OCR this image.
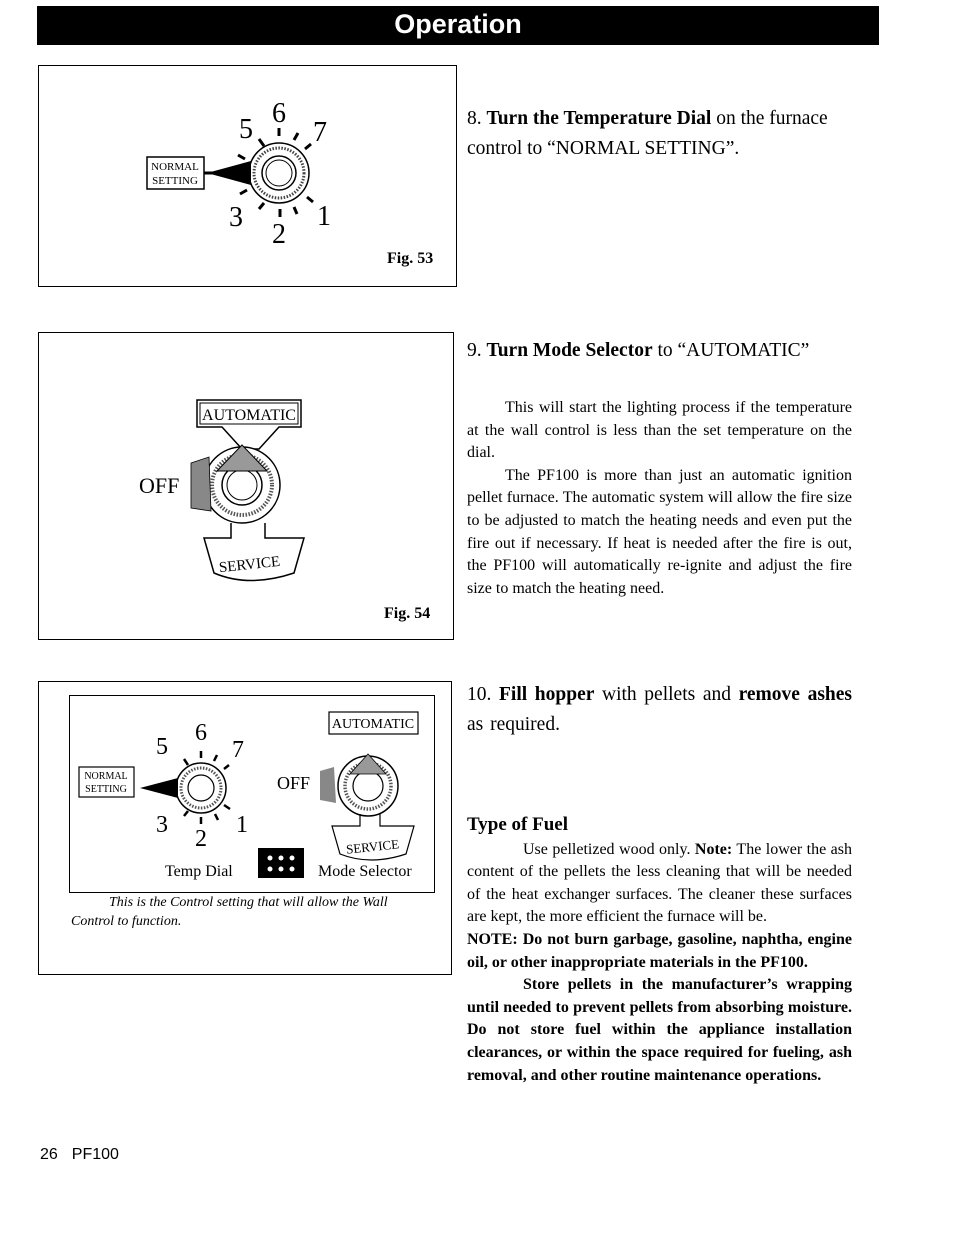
Operation
NORMAL
SETTING
5
6
7
3
2
1
Fig. 53
8. Turn the Temperature Dial on the furnace control to “NORMAL SETTING”.
AUTOMATIC
OFF
SERVICE
Fig. 54
9. Turn Mode Selector to “AUTOMATIC”

This will start the lighting process if the temperature at the wall control is less than the set temperature on the dial.

The PF100 is more than just an automatic ignition pellet furnace. The automatic system will allow the fire size to be adjusted to match the heating needs and even put the fire out if necessary. If heat is needed after the fire is out, the PF100 will automatically re-ignite and adjust the fire size to match the heating need.

NORMAL
SETTING
5
6
7
3
2
1
AUTOMATIC
OFF
SERVICE
Temp Dial	Mode Selector
This is the Control setting that will allow the Wall Control to function.
10. Fill hopper with pellets and remove ashes as required.
Type of Fuel

Use pelletized wood only. Note: The lower the ash content of the pellets the less cleaning that will be needed of the heat exchanger surfaces. The cleaner these surfaces are kept, the more efficient the furnace will be.

NOTE: Do not burn garbage, gasoline, naphtha, engine oil, or other inappropriate materials in the PF100.

Store pellets in the manufacturer’s wrapping until needed to prevent pellets from absorbing moisture. Do not store fuel within the appliance installation clearances, or within the space required for fueling, ash removal, and other routine maintenance operations.

26 PF100
